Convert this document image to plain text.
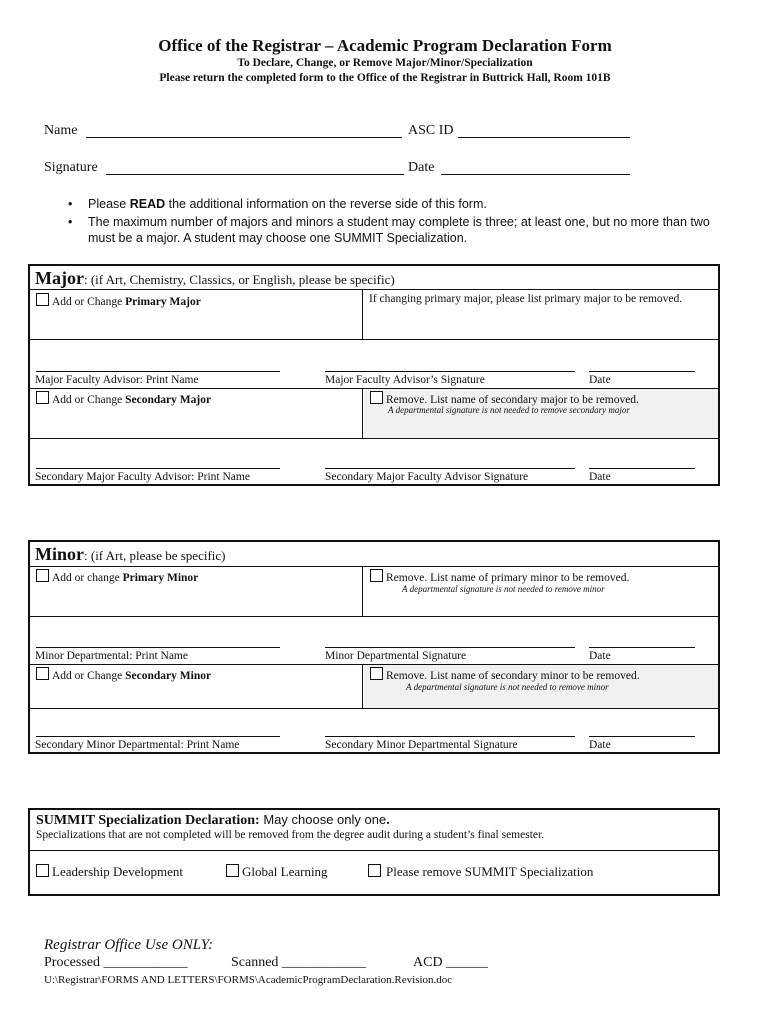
Office of the Registrar – Academic Program Declaration Form
To Declare, Change, or Remove Major/Minor/Specialization
Please return the completed form to the Office of the Registrar in Buttrick Hall, Room 101B
Name	ASC ID
Signature	Date
• Please READ the additional information on the reverse side of this form.
• The maximum number of majors and minors a student may complete is three; at least one, but no more than two must be a major. A student may choose one SUMMIT Specialization.
Major: (if Art, Chemistry, Classics, or English, please be specific)
Add or Change Primary Major	If changing primary major, please list primary major to be removed.
Major Faculty Advisor: Print Name	Major Faculty Advisor’s Signature	Date
Add or Change Secondary Major	Remove. List name of secondary major to be removed.
A departmental signature is not needed to remove secondary major
Secondary Major Faculty Advisor: Print Name	Secondary Major Faculty Advisor Signature	Date
Minor: (if Art, please be specific)
Add or change Primary Minor	Remove. List name of primary minor to be removed.
A departmental signature is not needed to remove minor
Minor Departmental: Print Name	Minor Departmental Signature	Date
Add or Change Secondary Minor	Remove. List name of secondary minor to be removed.
A departmental signature is not needed to remove minor
Secondary Minor Departmental: Print Name	Secondary Minor Departmental Signature	Date
SUMMIT Specialization Declaration: May choose only one.
Specializations that are not completed will be removed from the degree audit during a student’s final semester.
Leadership Development	Global Learning	Please remove SUMMIT Specialization
Registrar Office Use ONLY:
Processed ____________	Scanned ____________	ACD ______
U:\Registrar\FORMS AND LETTERS\FORMS\AcademicProgramDeclaration.Revision.doc
